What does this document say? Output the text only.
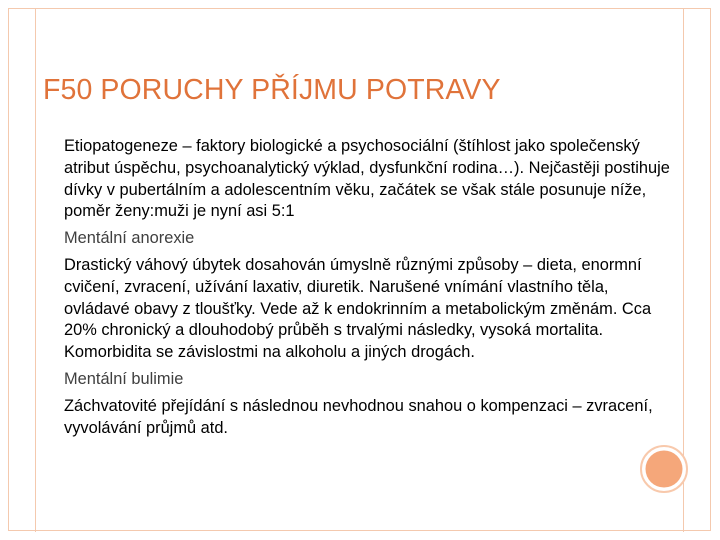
F50 PORUCHY PŘÍJMU POTRAVY

Etiopatogeneze – faktory biologické a psychosociální (štíhlost jako společenský atribut úspěchu, psychoanalytický výklad, dysfunkční rodina…). Nejčastěji postihuje dívky v pubertálním a adolescentním věku, začátek se však stále posunuje níže, poměr ženy:muži je nyní asi 5:1

Mentální anorexie

Drastický váhový úbytek dosahován úmyslně různými způsoby – dieta, enormní cvičení, zvracení, užívání laxativ, diuretik. Narušené vnímání vlastního těla, ovládavé obavy z tloušťky. Vede až k endokrinním a metabolickým změnám. Cca 20% chronický a dlouhodobý průběh s trvalými následky, vysoká mortalita. Komorbidita se závislostmi na alkoholu a jiných drogách.

Mentální bulimie

Záchvatovité přejídání s následnou nevhodnou snahou o kompenzaci – zvracení, vyvolávání průjmů atd.
